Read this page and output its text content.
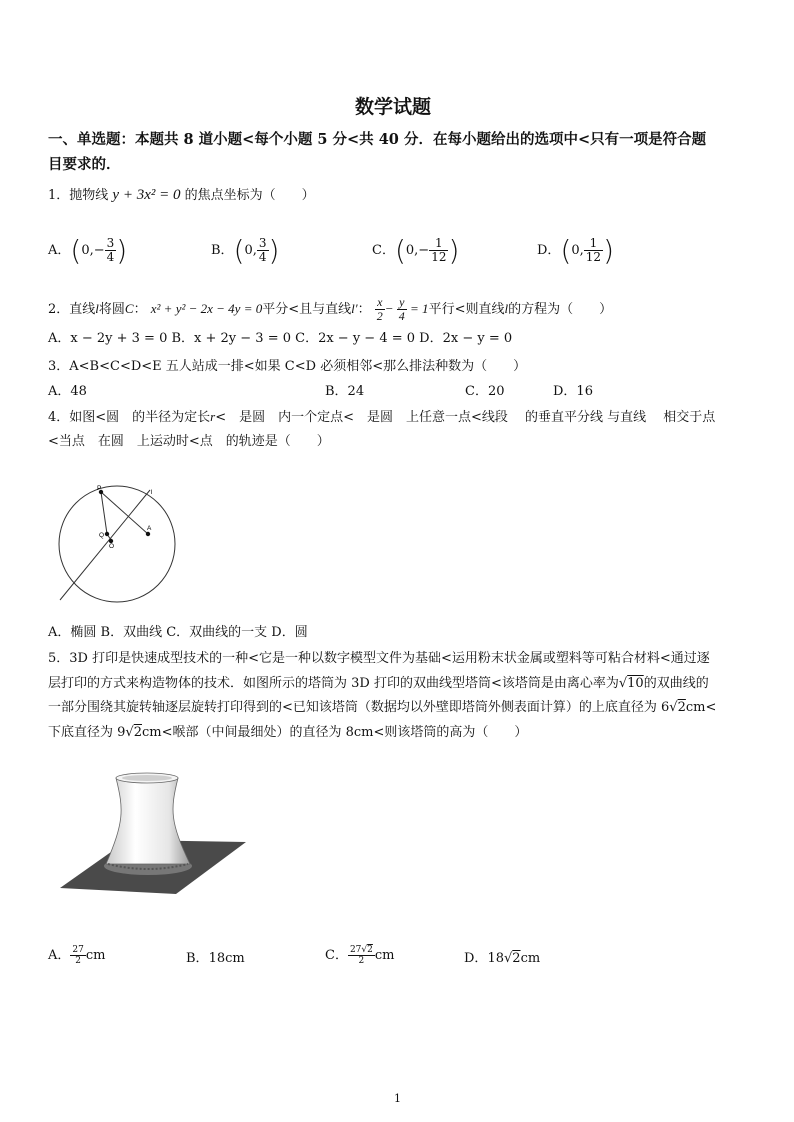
数学试题
一、单选题：本题共 8 道小题<每个小题 5 分<共 40 分．在每小题给出的选项中<只有一项是符合题
目要求的．
1．抛物线 y + 3x² = 0 的焦点坐标为（　　）
A．($0,- \frac{3}{4}$ )	B．(0, $\frac{3}{4}$ )	C．($0,- \frac{1}{12}$ )	D．(0, $\frac{1}{12}$ )
2．直线l将圆C： x² + y² − 2x − 4y = 0平分<且与直线l′： $\frac{x}{2} - \frac{y}{4} = 1$平行<则直线l的方程为（　　）
A．x − 2y + 3 = 0 B．x + 2y − 3 = 0 C．2x − y − 4 = 0 D．2x − y = 0
3．A<B<C<D<E 五人站成一排<如果 C<D 必须相邻<那么排法种数为（　　）
A．48	B．24	C．20	D．16
4．如图<圆　的半径为定长r<　是圆　内一个定点<　是圆　上任意一点<线段　 的垂直平分线 与直线　 相交于点
<当点　在圆　上运动时<点　的轨迹是（　　）
P
l
Q
O
A
A．椭圆 B．双曲线 C．双曲线的一支 D．圆
5．3D 打印是快速成型技术的一种<它是一种以数字模型文件为基础<运用粉末状金属或塑料等可粘合材料<通过逐
层打印的方式来构造物体的技术．如图所示的塔筒为 3D 打印的双曲线型塔筒<该塔筒是由离心率为√10的双曲线的
一部分围绕其旋转轴逐层旋转打印得到的<已知该塔筒（数据均以外壁即塔筒外侧表面计算）的上底直径为 6√2cm<
下底直径为 9√2cm<喉部（中间最细处）的直径为 8cm<则该塔筒的高为（　　）
A． $\frac{27}{2}$ cm	B．18cm	C． $\frac{27√2}{2}$ cm	D．18√2cm
1
